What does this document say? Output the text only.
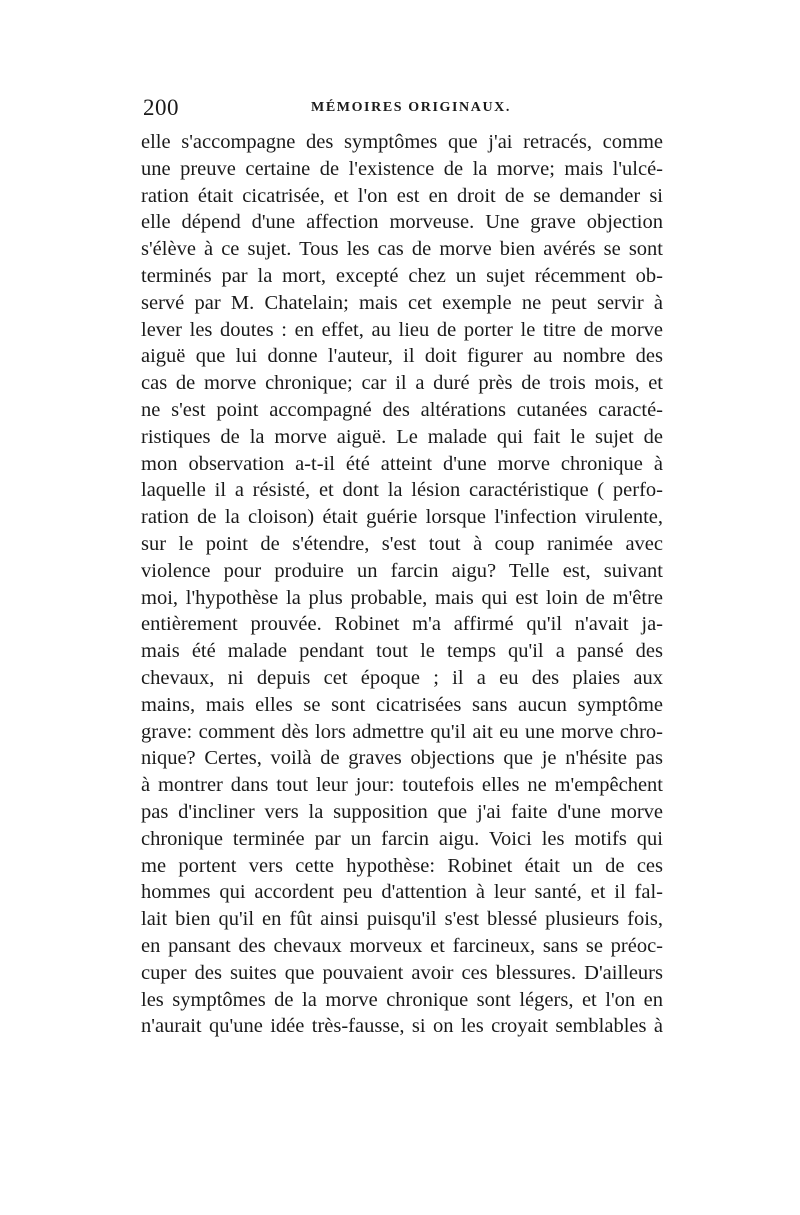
200	MÉMOIRES ORIGINAUX.
elle s'accompagne des symptômes que j'ai retracés, comme
une preuve certaine de l'existence de la morve; mais l'ulcé-
ration était cicatrisée, et l'on est en droit de se demander si
elle dépend d'une affection morveuse. Une grave objection
s'élève à ce sujet. Tous les cas de morve bien avérés se sont
terminés par la mort, excepté chez un sujet récemment ob-
servé par M. Chatelain; mais cet exemple ne peut servir à
lever les doutes : en effet, au lieu de porter le titre de morve
aiguë que lui donne l'auteur, il doit figurer au nombre des
cas de morve chronique; car il a duré près de trois mois, et
ne s'est point accompagné des altérations cutanées caracté-
ristiques de la morve aiguë. Le malade qui fait le sujet de
mon observation a-t-il été atteint d'une morve chronique à
laquelle il a résisté, et dont la lésion caractéristique ( perfo-
ration de la cloison) était guérie lorsque l'infection virulente,
sur le point de s'étendre, s'est tout à coup ranimée avec
violence pour produire un farcin aigu? Telle est, suivant
moi, l'hypothèse la plus probable, mais qui est loin de m'être
entièrement prouvée. Robinet m'a affirmé qu'il n'avait ja-
mais été malade pendant tout le temps qu'il a pansé des
chevaux, ni depuis cet époque ; il a eu des plaies aux
mains, mais elles se sont cicatrisées sans aucun symptôme
grave: comment dès lors admettre qu'il ait eu une morve chro-
nique? Certes, voilà de graves objections que je n'hésite pas
à montrer dans tout leur jour: toutefois elles ne m'empêchent
pas d'incliner vers la supposition que j'ai faite d'une morve
chronique terminée par un farcin aigu. Voici les motifs qui
me portent vers cette hypothèse: Robinet était un de ces
hommes qui accordent peu d'attention à leur santé, et il fal-
lait bien qu'il en fût ainsi puisqu'il s'est blessé plusieurs fois,
en pansant des chevaux morveux et farcineux, sans se préoc-
cuper des suites que pouvaient avoir ces blessures. D'ailleurs
les symptômes de la morve chronique sont légers, et l'on en
n'aurait qu'une idée très-fausse, si on les croyait semblables à
